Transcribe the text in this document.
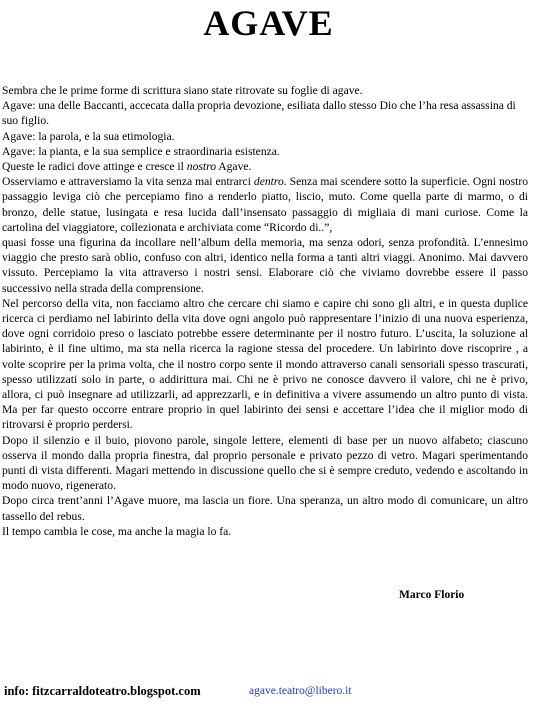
AGAVE

Sembra che le prime forme di scrittura siano state ritrovate su foglie di agave.

Agave: una delle Baccanti, accecata dalla propria devozione, esiliata dallo stesso Dio che l’ha resa assassina di suo figlio.

Agave: la parola, e la sua etimologia.

Agave: la pianta, e la sua semplice e straordinaria esistenza.

Queste le radici dove attinge e cresce il nostro Agave.

Osserviamo e attraversiamo la vita senza mai entrarci dentro. Senza mai scendere sotto la superficie. Ogni nostro passaggio leviga ciò che percepiamo fino a renderlo piatto, liscio, muto. Come quella parte di marmo, o di bronzo, delle statue, lusingata e resa lucida dall’insensato passaggio di migliaia di mani curiose. Come la cartolina del viaggiatore, collezionata e archiviata come “Ricordo di..”,

quasi fosse una figurina da incollare nell’album della memoria, ma senza odori, senza profondità. L’ennesimo viaggio che presto sarà oblio, confuso con altri, identico nella forma a tanti altri viaggi. Anonimo. Mai davvero vissuto. Percepiamo la vita attraverso i nostri sensi. Elaborare ciò che viviamo dovrebbe essere il passo successivo nella strada della comprensione.

Nel percorso della vita, non facciamo altro che cercare chi siamo e capire chi sono gli altri, e in questa duplice ricerca ci perdiamo nel labirinto della vita dove ogni angolo può rappresentare l’inizio di una nuova esperienza, dove ogni corridoio preso o lasciato potrebbe essere determinante per il nostro futuro. L’uscita, la soluzione al labirinto, è il fine ultimo, ma sta nella ricerca la ragione stessa del procedere. Un labirinto dove riscoprire , a volte scoprire per la prima volta, che il nostro corpo sente il mondo attraverso canali sensoriali spesso trascurati, spesso utilizzati solo in parte, o addirittura mai. Chi ne è privo ne conosce davvero il valore, chi ne è privo, allora, ci può insegnare ad utilizzarli, ad apprezzarli, e in definitiva a vivere assumendo un altro punto di vista. Ma per far questo occorre entrare proprio in quel labirinto dei sensi e accettare l’idea che il miglior modo di ritrovarsi è proprio perdersi.

Dopo il silenzio e il buio, piovono parole, singole lettere, elementi di base per un nuovo alfabeto; ciascuno osserva il mondo dalla propria finestra, dal proprio personale e privato pezzo di vetro. Magari sperimentando punti di vista differenti. Magari mettendo in discussione quello che si è sempre creduto, vedendo e ascoltando in modo nuovo, rigenerato.

Dopo circa trent’anni l’Agave muore, ma lascia un fiore. Una speranza, un altro modo di comunicare, un altro tassello del rebus.

Il tempo cambia le cose, ma anche la magia lo fa.

Marco Florio
info: fitzcarraldoteatro.blogspot.com	agave.teatro@libero.it
